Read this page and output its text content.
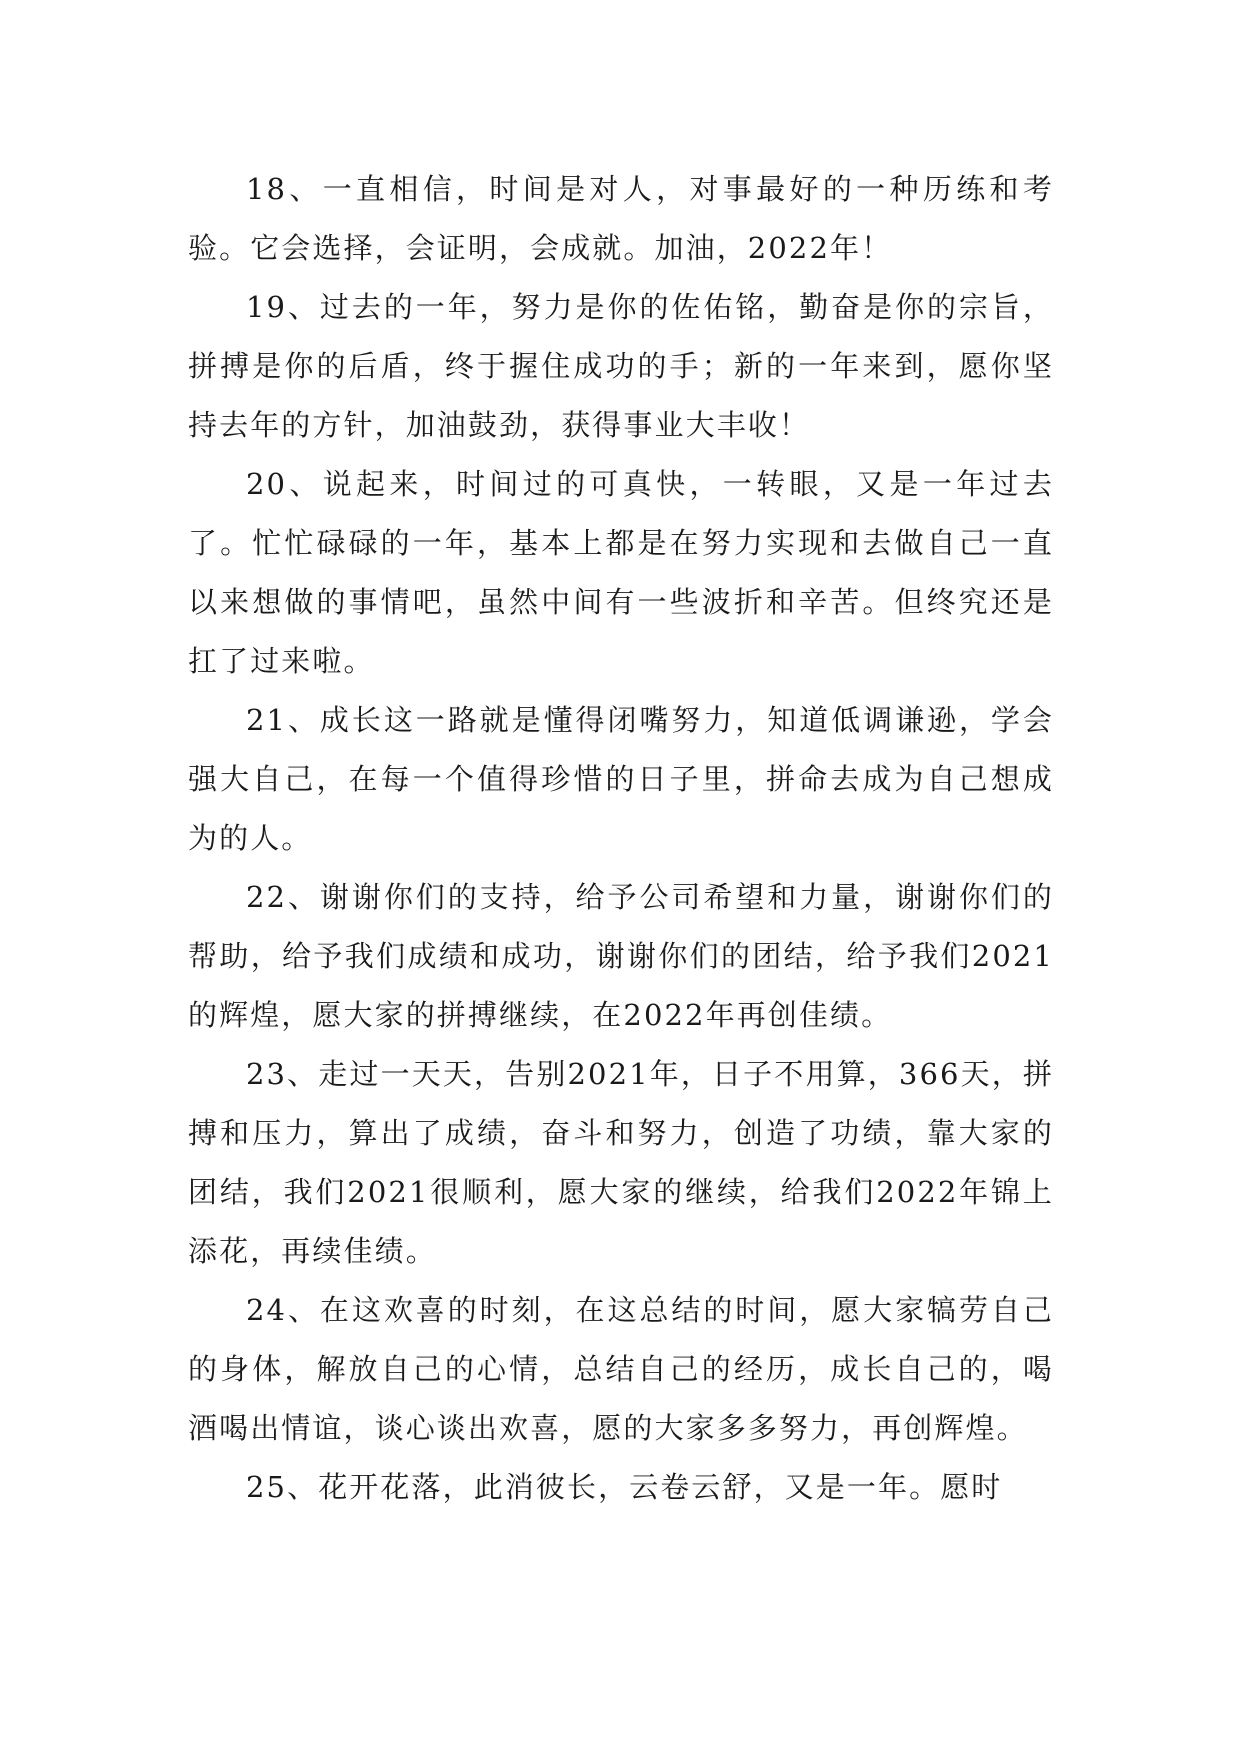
18、一直相信，时间是对人，对事最好的一种历练和考验。它会选择，会证明，会成就。加油，2022年！

19、过去的一年，努力是你的佐佑铭，勤奋是你的宗旨，拼搏是你的后盾，终于握住成功的手；新的一年来到，愿你坚持去年的方针，加油鼓劲，获得事业大丰收！

20、说起来，时间过的可真快，一转眼，又是一年过去了。忙忙碌碌的一年，基本上都是在努力实现和去做自己一直以来想做的事情吧，虽然中间有一些波折和辛苦。但终究还是扛了过来啦。

21、成长这一路就是懂得闭嘴努力，知道低调谦逊，学会强大自己，在每一个值得珍惜的日子里，拼命去成为自己想成为的人。

22、谢谢你们的支持，给予公司希望和力量，谢谢你们的帮助，给予我们成绩和成功，谢谢你们的团结，给予我们2021的辉煌，愿大家的拼搏继续，在2022年再创佳绩。

23、走过一天天，告别2021年，日子不用算，366天，拼搏和压力，算出了成绩，奋斗和努力，创造了功绩，靠大家的团结，我们2021很顺利，愿大家的继续，给我们2022年锦上添花，再续佳绩。

24、在这欢喜的时刻，在这总结的时间，愿大家犒劳自己的身体，解放自己的心情，总结自己的经历，成长自己的，喝酒喝出情谊，谈心谈出欢喜，愿的大家多多努力，再创辉煌。

25、花开花落，此消彼长，云卷云舒，又是一年。愿时
